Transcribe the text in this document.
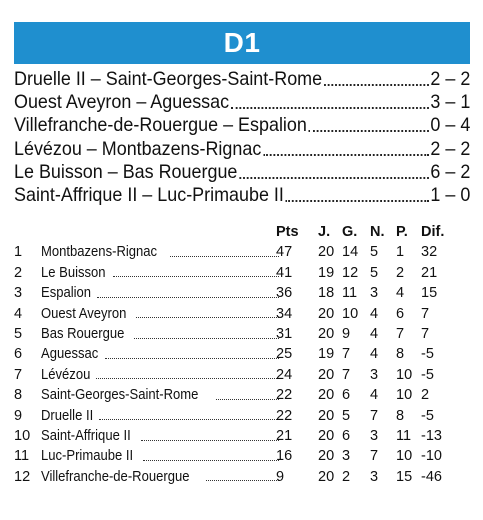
D1
Druelle II – Saint-Georges-Saint-Rome	2 – 2
Ouest Aveyron – Aguessac	3 – 1
Villefranche-de-Rouergue – Espalion	0 – 4
Lévézou – Montbazens-Rignac	2 – 2
Le Buisson – Bas Rouergue	6 – 2
Saint-Affrique II – Luc-Primaube II	1 – 0
Pts J. G. N. P. Dif.
1 Montbazens-Rignac	47 20 14 5 1 32
2 Le Buisson	41 19 12 5 2 21
3 Espalion	36 18 11 3 4 15
4 Ouest Aveyron	34 20 10 4 6 7
5 Bas Rouergue	31 20 9 4 7 7
6 Aguessac	25 19 7 4 8 -5
7 Lévézou	24 20 7 3 10 -5
8 Saint-Georges-Saint-Rome	22 20 6 4 10 2
9 Druelle II	22 20 5 7 8 -5
10 Saint-Affrique II	21 20 6 3 11 -13
11 Luc-Primaube II	16 20 3 7 10 -10
12 Villefranche-de-Rouergue	9 20 2 3 15 -46
